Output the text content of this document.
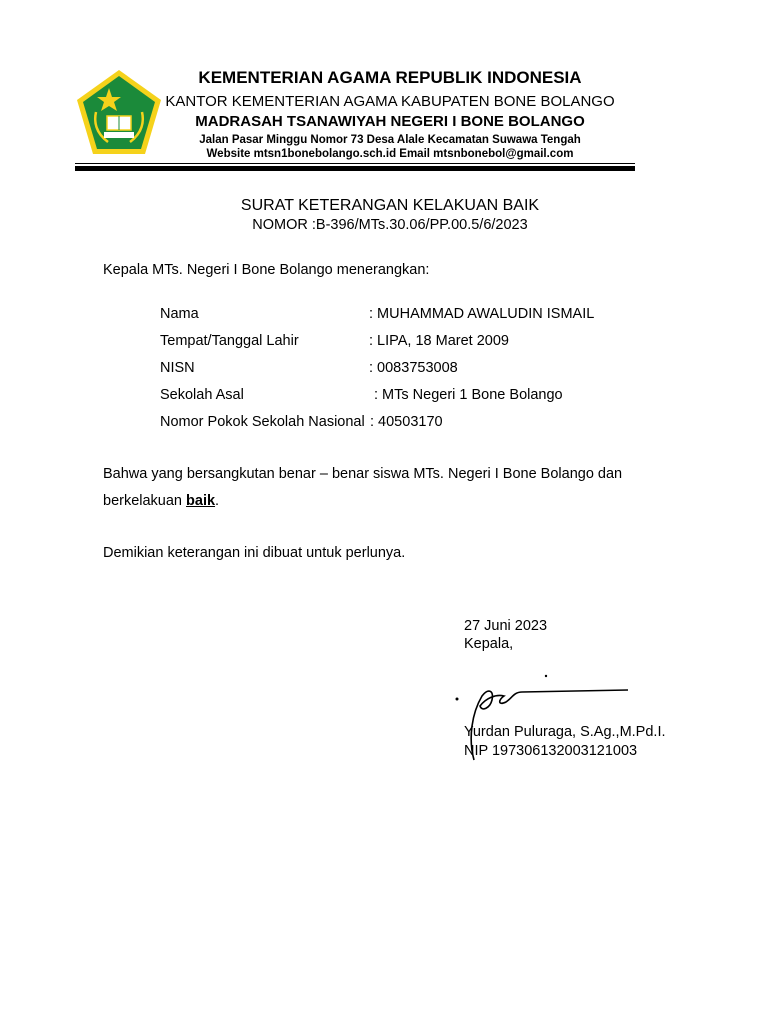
KEMENTERIAN AGAMA REPUBLIK INDONESIA
KANTOR KEMENTERIAN AGAMA KABUPATEN BONE BOLANGO
MADRASAH TSANAWIYAH NEGERI I BONE BOLANGO
Jalan Pasar Minggu Nomor 73 Desa Alale Kecamatan Suwawa Tengah
Website mtsn1bonebolango.sch.id Email mtsnbonebol@gmail.com
SURAT KETERANGAN KELAKUAN BAIK
NOMOR :B-396/MTs.30.06/PP.00.5/6/2023
Kepala MTs. Negeri I Bone Bolango menerangkan:
Nama	: MUHAMMAD AWALUDIN ISMAIL
Tempat/Tanggal Lahir	: LIPA, 18 Maret 2009
NISN	: 0083753008
Sekolah Asal	: MTs Negeri 1 Bone Bolango
Nomor Pokok Sekolah Nasional : 40503170
Bahwa yang bersangkutan benar – benar siswa MTs. Negeri I Bone Bolango dan
berkelakuan baik.
Demikian keterangan ini dibuat untuk perlunya.
27 Juni 2023
Kepala,
Yurdan Puluraga, S.Ag.,M.Pd.I.
NIP 197306132003121003
